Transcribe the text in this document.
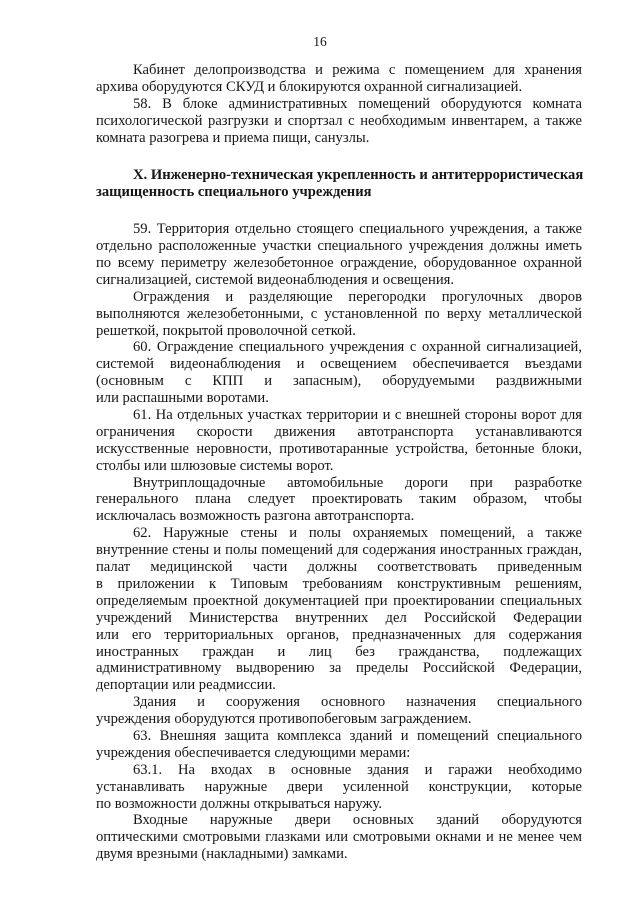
16
Кабинет делопроизводства и режима с помещением для хранения
архива оборудуются СКУД и блокируются охранной сигнализацией.
58. В блоке административных помещений оборудуются комната
психологической разгрузки и спортзал с необходимым инвентарем, а также
комната разогрева и приема пищи, санузлы.
X. Инженерно-техническая укрепленность и антитеррористическая
защищенность специального учреждения
59. Территория отдельно стоящего специального учреждения, а также
отдельно расположенные участки специального учреждения должны иметь
по всему периметру железобетонное ограждение, оборудованное охранной
сигнализацией, системой видеонаблюдения и освещения.
Ограждения и разделяющие перегородки прогулочных дворов
выполняются железобетонными, с установленной по верху металлической
решеткой, покрытой проволочной сеткой.
60. Ограждение специального учреждения с охранной сигнализацией,
системой видеонаблюдения и освещением обеспечивается въездами
(основным с КПП и запасным), оборудуемыми раздвижными
или распашными воротами.
61. На отдельных участках территории и с внешней стороны ворот для
ограничения скорости движения автотранспорта устанавливаются
искусственные неровности, противотаранные устройства, бетонные блоки,
столбы или шлюзовые системы ворот.
Внутриплощадочные автомобильные дороги при разработке
генерального плана следует проектировать таким образом, чтобы
исключалась возможность разгона автотранспорта.
62. Наружные стены и полы охраняемых помещений, а также
внутренние стены и полы помещений для содержания иностранных граждан,
палат медицинской части должны соответствовать приведенным
в приложении к Типовым требованиям конструктивным решениям,
определяемым проектной документацией при проектировании специальных
учреждений Министерства внутренних дел Российской Федерации
или его территориальных органов, предназначенных для содержания
иностранных граждан и лиц без гражданства, подлежащих
административному выдворению за пределы Российской Федерации,
депортации или реадмиссии.
Здания и сооружения основного назначения специального
учреждения оборудуются противопобеговым заграждением.
63. Внешняя защита комплекса зданий и помещений специального
учреждения обеспечивается следующими мерами:
63.1. На входах в основные здания и гаражи необходимо
устанавливать наружные двери усиленной конструкции, которые
по возможности должны открываться наружу.
Входные наружные двери основных зданий оборудуются
оптическими смотровыми глазками или смотровыми окнами и не менее чем
двумя врезными (накладными) замками.
